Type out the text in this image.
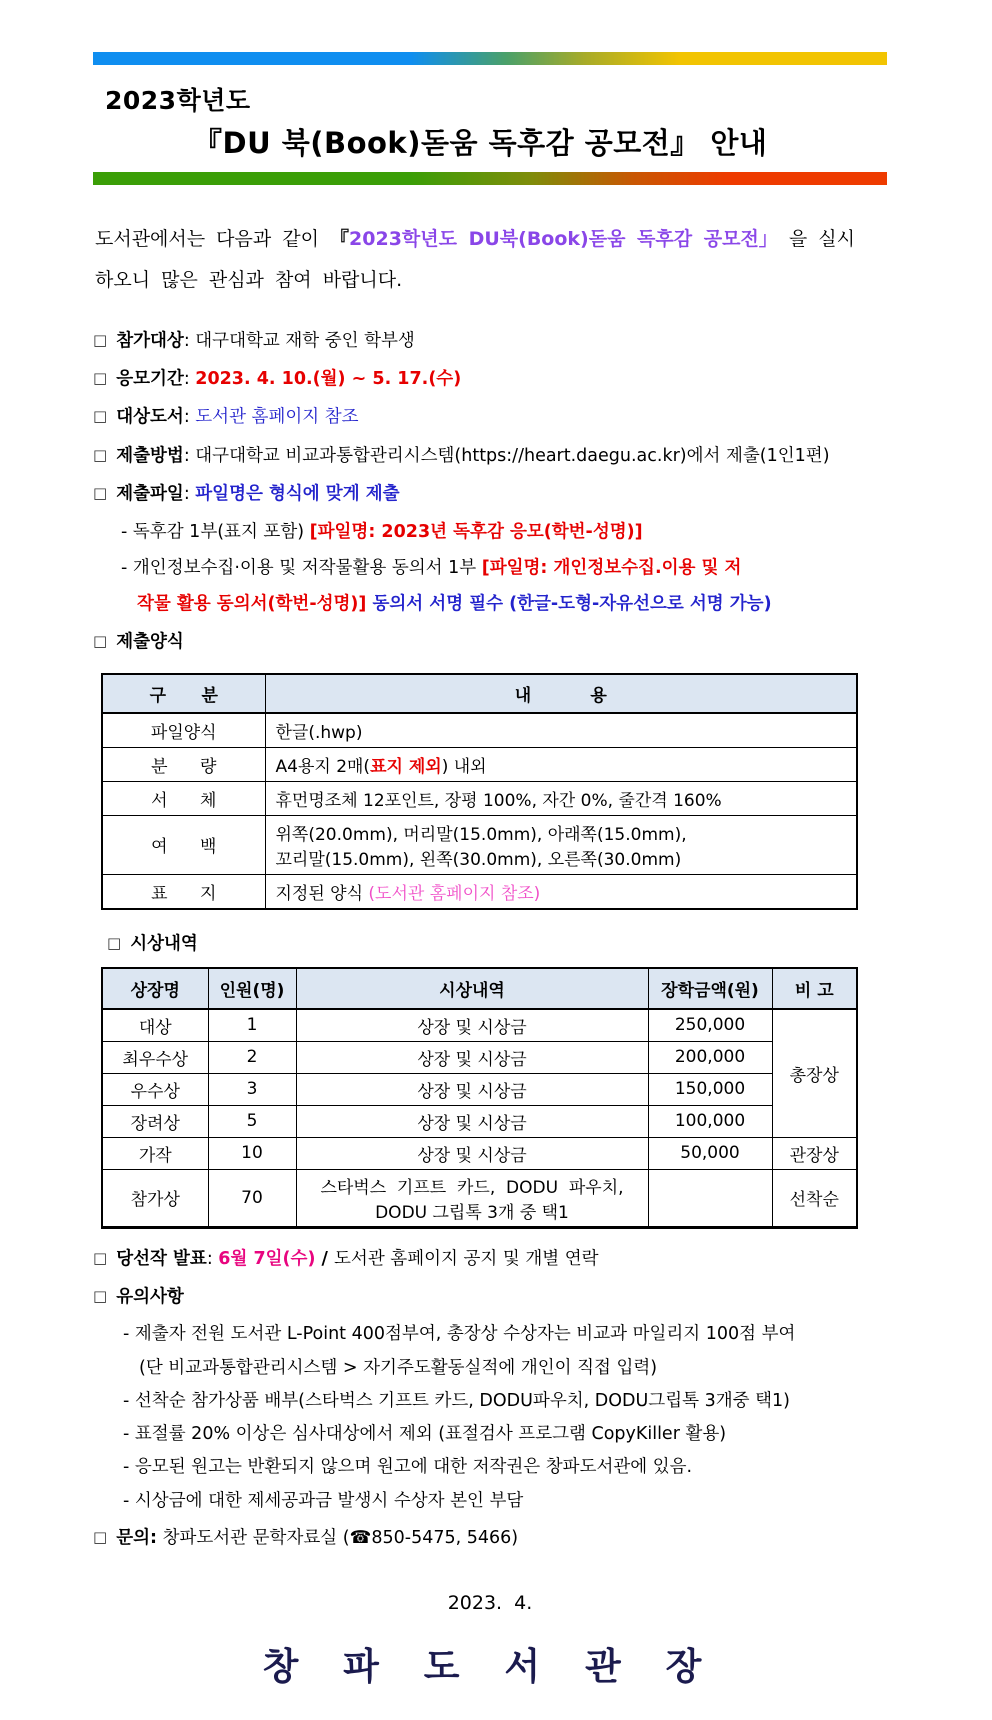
2023학년도
『DU 북(Book)돋움 독후감 공모전』 안내
도서관에서는 다음과 같이 『2023학년도 DU북(Book)돋움 독후감 공모전」 을 실시
하오니 많은 관심과 참여 바랍니다.
□ 참가대상: 대구대학교 재학 중인 학부생
□ 응모기간: 2023. 4. 10.(월) ~ 5. 17.(수)
□ 대상도서: 도서관 홈페이지 참조
□ 제출방법: 대구대학교 비교과통합관리시스템(https://heart.daegu.ac.kr)에서 제출(1인1편)
□ 제출파일: 파일명은 형식에 맞게 제출
- 독후감 1부(표지 포함) [파일명: 2023년 독후감 응모(학번-성명)]
- 개인정보수집·이용 및 저작물활용 동의서 1부 [파일명: 개인정보수집.이용 및 저
작물 활용 동의서(학번-성명)] 동의서 서명 필수 (한글-도형-자유선으로 서명 가능)
□ 제출양식
구      분	내          용
파일양식	한글(.hwp)
분      량	A4용지 2매(표지 제외) 내외
서      체	휴먼명조체 12포인트, 장평 100%, 자간 0%, 줄간격 160%
여      백	위쪽(20.0mm), 머리말(15.0mm), 아래쪽(15.0mm),
꼬리말(15.0mm), 왼쪽(30.0mm), 오른쪽(30.0mm)

표      지	지정된 양식 (도서관 홈페이지 참조)
□ 시상내역
상장명	인원(명)	시상내역	장학금액(원)	비 고
대상	1	상장 및 시상금	250,000	총장상
최우수상	2	상장 및 시상금	200,000	
우수상	3	상장 및 시상금	150,000	
장려상	5	상장 및 시상금	100,000	
가작	10	상장 및 시상금	50,000	관장상
참가상	70	스타벅스  기프트  카드,  DODU  파우치,
DODU 그립톡 3개 중 택1		선착순
□ 당선작 발표: 6월 7일(수) / 도서관 홈페이지 공지 및 개별 연락
□ 유의사항
- 제출자 전원 도서관 L-Point 400점부여, 총장상 수상자는 비교과 마일리지 100점 부여
(단 비교과통합관리시스템 > 자기주도활동실적에 개인이 직접 입력)
- 선착순 참가상품 배부(스타벅스 기프트 카드, DODU파우치, DODU그립톡 3개중 택1)
- 표절률 20% 이상은 심사대상에서 제외 (표절검사 프로그램 CopyKiller 활용)
- 응모된 원고는 반환되지 않으며 원고에 대한 저작권은 창파도서관에 있음.
- 시상금에 대한 제세공과금 발생시 수상자 본인 부담
□ 문의: 창파도서관 문학자료실 (☎850-5475, 5466)
2023.  4.
창 파 도 서 관 장
